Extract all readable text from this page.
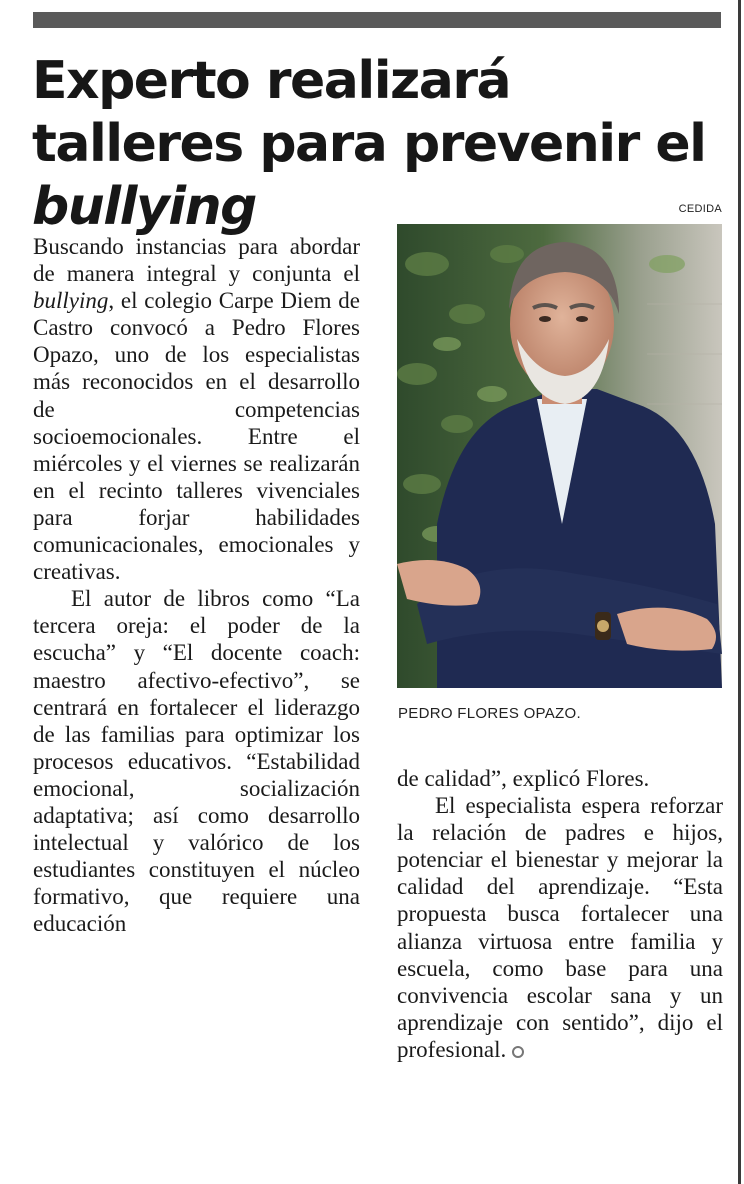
Experto realizará talleres para prevenir el bullying	CEDIDA

Buscando instancias para abordar de manera integral y conjunta el bullying, el colegio Carpe Diem de Castro convocó a Pedro Flores Opazo, uno de los especialistas más reconocidos en el desarrollo de competencias socioemocionales. Entre el miércoles y el viernes se realizarán en el recinto talleres vivenciales para forjar habilidades comunicacionales, emocionales y creativas.

El autor de libros como “La tercera oreja: el poder de la escucha” y “El docente coach: maestro afectivo-efectivo”, se centrará en fortalecer el liderazgo de las familias para optimizar los procesos educativos. “Estabilidad emocional, socialización adaptativa; así como desarrollo intelectual y valórico de los estudiantes constituyen el núcleo formativo, que requiere una educación

PEDRO FLORES OPAZO.

de calidad”, explicó Flores.

El especialista espera reforzar la relación de padres e hijos, potenciar el bienestar y mejorar la calidad del aprendizaje. “Esta propuesta busca fortalecer una alianza virtuosa entre familia y escuela, como base para una convivencia escolar sana y un aprendizaje con sentido”, dijo el profesional.
